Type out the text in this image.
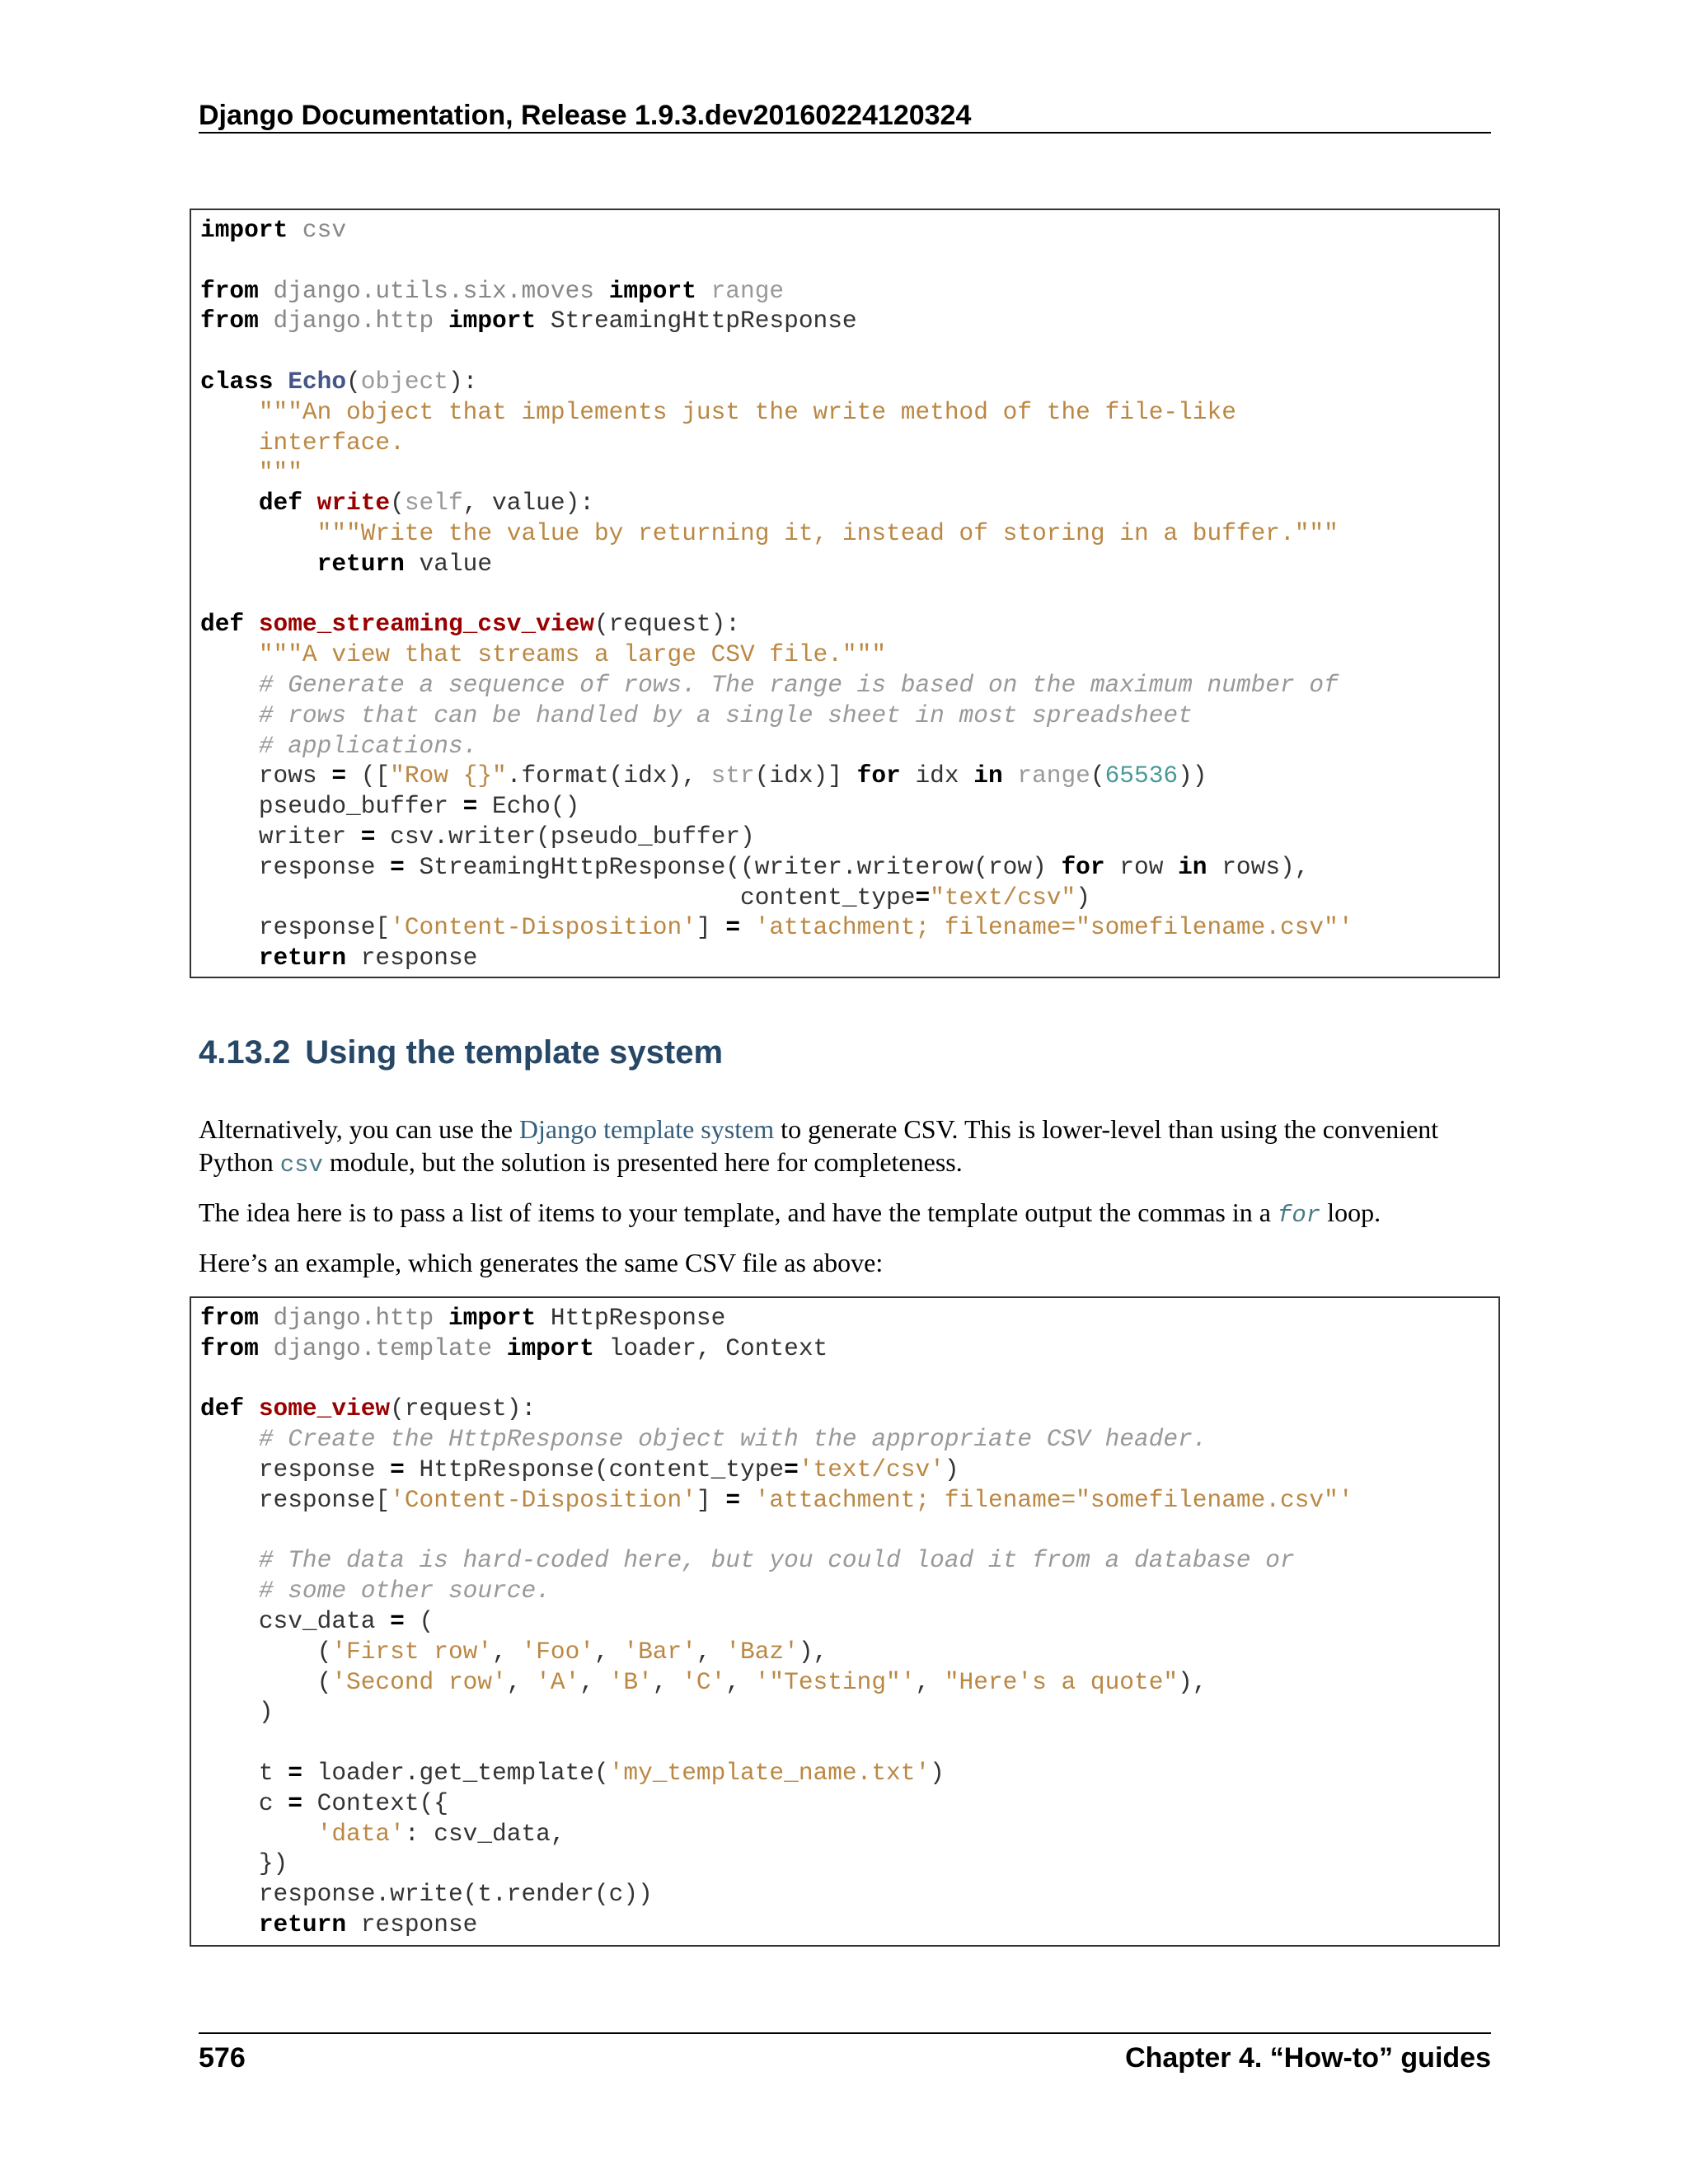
Django Documentation, Release 1.9.3.dev20160224120324
import csv

from django.utils.six.moves import range
from django.http import StreamingHttpResponse

class Echo(object):
"""An object that implements just the write method of the file-like
interface.
"""
def write(self, value):
"""Write the value by returning it, instead of storing in a buffer."""
return value

def some_streaming_csv_view(request):
"""A view that streams a large CSV file."""
# Generate a sequence of rows. The range is based on the maximum number of
# rows that can be handled by a single sheet in most spreadsheet
# applications.
rows = (["Row {}".format(idx), str(idx)] for idx in range(65536))
pseudo_buffer = Echo()
writer = csv.writer(pseudo_buffer)
response = StreamingHttpResponse((writer.writerow(row) for row in rows),
content_type="text/csv")
response['Content-Disposition'] = 'attachment; filename="somefilename.csv"'
return response
4.13.2 Using the template system

Alternatively, you can use the Django template system to generate CSV. This is lower-level than using the convenient
Python csv module, but the solution is presented here for completeness.

The idea here is to pass a list of items to your template, and have the template output the commas in a for loop.

Here’s an example, which generates the same CSV file as above:

from django.http import HttpResponse
from django.template import loader, Context

def some_view(request):
# Create the HttpResponse object with the appropriate CSV header.
response = HttpResponse(content_type='text/csv')
response['Content-Disposition'] = 'attachment; filename="somefilename.csv"'

# The data is hard-coded here, but you could load it from a database or
# some other source.
csv_data = (
('First row', 'Foo', 'Bar', 'Baz'),
('Second row', 'A', 'B', 'C', '"Testing"', "Here's a quote"),
)

t = loader.get_template('my_template_name.txt')
c = Context({
'data': csv_data,
})
response.write(t.render(c))
return response
576	Chapter 4. “How-to” guides
